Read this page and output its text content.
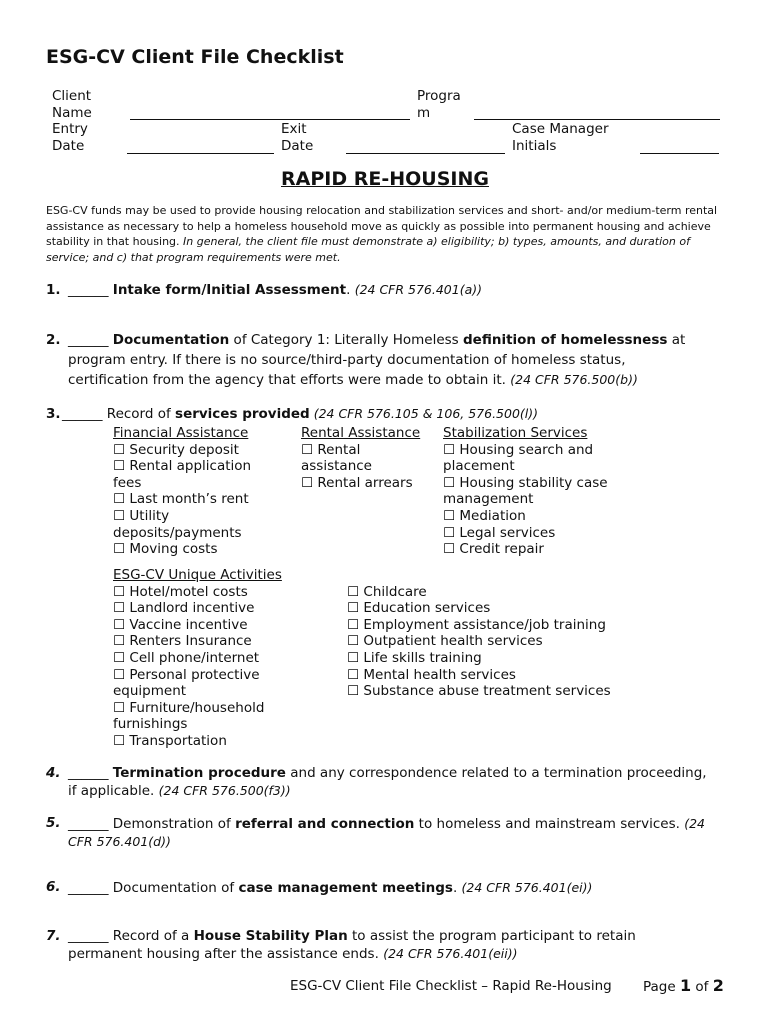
ESG-CV Client File Checklist
Client
Name
Progra
m
Entry
Date
Exit
Date
Case Manager
Initials
RAPID RE-HOUSING
ESG-CV funds may be used to provide housing relocation and stabilization services and short- and/or medium-term rental assistance as necessary to help a homeless household move as quickly as possible into permanent housing and achieve stability in that housing. In general, the client file must demonstrate a) eligibility; b) types, amounts, and duration of service; and c) that program requirements were met.
1. ______ Intake form/Initial Assessment. (24 CFR 576.401(a))
2. ______ Documentation of Category 1: Literally Homeless definition of homelessness at program entry. If there is no source/third-party documentation of homeless status, certification from the agency that efforts were made to obtain it. (24 CFR 576.500(b))
3. ______ Record of services provided (24 CFR 576.105 & 106, 576.500(l))
Financial Assistance
☐ Security deposit
☐ Rental application
fees
☐ Last month’s rent
☐ Utility
deposits/payments
☐ Moving costs
Rental Assistance
☐ Rental
assistance
☐ Rental arrears
Stabilization Services
☐ Housing search and
placement
☐ Housing stability case
management
☐ Mediation
☐ Legal services
☐ Credit repair
ESG-CV Unique Activities
☐ Hotel/motel costs
☐ Landlord incentive
☐ Vaccine incentive
☐ Renters Insurance
☐ Cell phone/internet
☐ Personal protective
equipment
☐ Furniture/household
furnishings
☐ Transportation
☐ Childcare
☐ Education services
☐ Employment assistance/job training
☐ Outpatient health services
☐ Life skills training
☐ Mental health services
☐ Substance abuse treatment services
4. ______ Termination procedure and any correspondence related to a termination proceeding, if applicable. (24 CFR 576.500(f3))
5. ______ Demonstration of referral and connection to homeless and mainstream services. (24 CFR 576.401(d))
6. ______ Documentation of case management meetings. (24 CFR 576.401(ei))
7. ______ Record of a House Stability Plan to assist the program participant to retain permanent housing after the assistance ends. (24 CFR 576.401(eii))
ESG-CV Client File Checklist – Rapid Re-Housing Page 1 of 2
